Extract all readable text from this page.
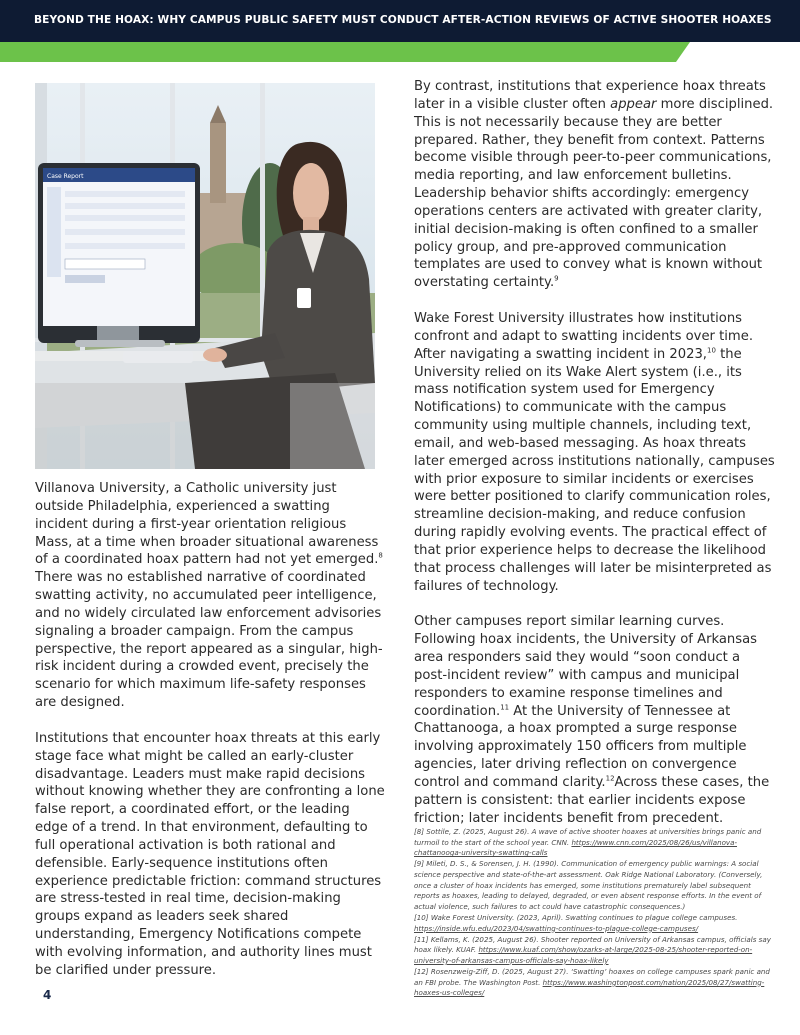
BEYOND THE HOAX: WHY CAMPUS PUBLIC SAFETY MUST CONDUCT AFTER-ACTION REVIEWS OF ACTIVE SHOOTER HOAXES
Case Report

Villanova University, a Catholic university just outside Philadelphia, experienced a swatting incident during a first-year orientation religious Mass, at a time when broader situational awareness of a coordinated hoax pattern had not yet emerged.$^8$ There was no established narrative of coordinated swatting activity, no accumulated peer intelligence, and no widely circulated law enforcement advisories signaling a broader campaign. From the campus perspective, the report appeared as a singular, high-risk incident during a crowded event, precisely the scenario for which maximum life-safety responses are designed.

Institutions that encounter hoax threats at this early stage face what might be called an early-cluster disadvantage. Leaders must make rapid decisions without knowing whether they are confronting a lone false report, a coordinated effort, or the leading edge of a trend. In that environment, defaulting to full operational activation is both rational and defensible. Early-sequence institutions often experience predictable friction: command structures are stress-tested in real time, decision-making groups expand as leaders seek shared understanding, Emergency Notifications compete with evolving information, and authority lines must be clarified under pressure.

By contrast, institutions that experience hoax threats later in a visible cluster often appear more disciplined. This is not necessarily because they are better prepared. Rather, they benefit from context. Patterns become visible through peer-to-peer communications, media reporting, and law enforcement bulletins. Leadership behavior shifts accordingly: emergency operations centers are activated with greater clarity, initial decision-making is often confined to a smaller policy group, and pre-approved communication templates are used to convey what is known without overstating certainty.$^9$

Wake Forest University illustrates how institutions confront and adapt to swatting incidents over time. After navigating a swatting incident in 2023,10 the University relied on its Wake Alert system (i.e., its mass notification system used for Emergency Notifications) to communicate with the campus community using multiple channels, including text, email, and web-based messaging. As hoax threats later emerged across institutions nationally, campuses with prior exposure to similar incidents or exercises were better positioned to clarify communication roles, streamline decision-making, and reduce confusion during rapidly evolving events. The practical effect of that prior experience helps to decrease the likelihood that process challenges will later be misinterpreted as failures of technology.

Other campuses report similar learning curves. Following hoax incidents, the University of Arkansas area responders said they would “soon conduct a post-incident review” with campus and municipal responders to examine response timelines and coordination.$^{11}$ At the University of Tennessee at Chattanooga, a hoax prompted a surge response involving approximately 150 officers from multiple agencies, later driving reflection on convergence control and command clarity.$^{12}$Across these cases, the pattern is consistent: that earlier incidents expose friction; later incidents benefit from precedent.

[8] Sottile, Z. (2025, August 26). A wave of active shooter hoaxes at universities brings panic and turmoil to the start of the school year. CNN. https://www.cnn.com/2025/08/26/us/villanova-chattanooga-university-swatting-calls

[9] Mileti, D. S., & Sorensen, J. H. (1990). Communication of emergency public warnings: A social science perspective and state-of-the-art assessment. Oak Ridge National Laboratory. (Conversely, once a cluster of hoax incidents has emerged, some institutions prematurely label subsequent reports as hoaxes, leading to delayed, degraded, or even absent response efforts. In the event of actual violence, such failures to act could have catastrophic consequences.)

[10] Wake Forest University. (2023, April). Swatting continues to plague college campuses. https://inside.wfu.edu/2023/04/swatting-continues-to-plague-college-campuses/

[11] Kellams, K. (2025, August 26). Shooter reported on University of Arkansas campus, officials say hoax likely. KUAF. https://www.kuaf.com/show/ozarks-at-large/2025-08-25/shooter-reported-on-university-of-arkansas-campus-officials-say-hoax-likely

[12] Rosenzweig-Ziff, D. (2025, August 27). ‘Swatting’ hoaxes on college campuses spark panic and an FBI probe. The Washington Post. https://www.washingtonpost.com/nation/2025/08/27/swatting-hoaxes-us-colleges/

4
